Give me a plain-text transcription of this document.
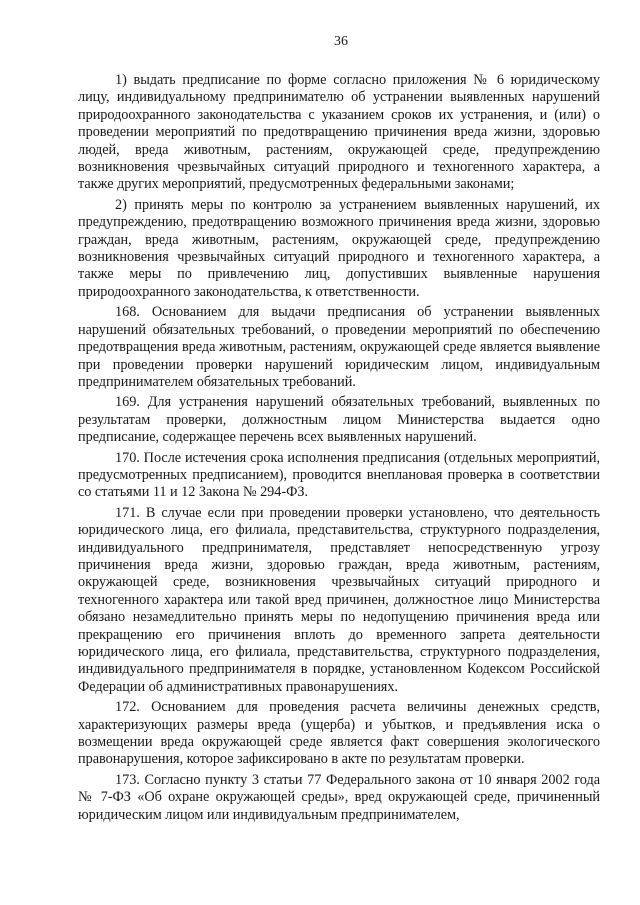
36

1) выдать предписание по форме согласно приложения № 6 юридическому лицу, индивидуальному предпринимателю об устранении выявленных нарушений природоохранного законодательства с указанием сроков их устранения, и (или) о проведении мероприятий по предотвращению причинения вреда жизни, здоровью людей, вреда животным, растениям, окружающей среде, предупреждению возникновения чрезвычайных ситуаций природного и техногенного характера, а также других мероприятий, предусмотренных федеральными законами;

2) принять меры по контролю за устранением выявленных нарушений, их предупреждению, предотвращению возможного причинения вреда жизни, здоровью граждан, вреда животным, растениям, окружающей среде, предупреждению возникновения чрезвычайных ситуаций природного и техногенного характера, а также меры по привлечению лиц, допустивших выявленные нарушения природоохранного законодательства, к ответственности.

168. Основанием для выдачи предписания об устранении выявленных нарушений обязательных требований, о проведении мероприятий по обеспечению предотвращения вреда животным, растениям, окружающей среде является выявление при проведении проверки нарушений юридическим лицом, индивидуальным предпринимателем обязательных требований.

169. Для устранения нарушений обязательных требований, выявленных по результатам проверки, должностным лицом Министерства выдается одно предписание, содержащее перечень всех выявленных нарушений.

170. После истечения срока исполнения предписания (отдельных мероприятий, предусмотренных предписанием), проводится внеплановая проверка в соответствии со статьями 11 и 12 Закона № 294-ФЗ.

171. В случае если при проведении проверки установлено, что деятельность юридического лица, его филиала, представительства, структурного подразделения, индивидуального предпринимателя, представляет непосредственную угрозу причинения вреда жизни, здоровью граждан, вреда животным, растениям, окружающей среде, возникновения чрезвычайных ситуаций природного и техногенного характера или такой вред причинен, должностное лицо Министерства обязано незамедлительно принять меры по недопущению причинения вреда или прекращению его причинения вплоть до временного запрета деятельности юридического лица, его филиала, представительства, структурного подразделения, индивидуального предпринимателя в порядке, установленном Кодексом Российской Федерации об административных правонарушениях.

172. Основанием для проведения расчета величины денежных средств, характеризующих размеры вреда (ущерба) и убытков, и предъявления иска о возмещении вреда окружающей среде является факт совершения экологического правонарушения, которое зафиксировано в акте по результатам проверки.

173. Согласно пункту 3 статьи 77 Федерального закона от 10 января 2002 года № 7-ФЗ «Об охране окружающей среды», вред окружающей среде, причиненный юридическим лицом или индивидуальным предпринимателем,
